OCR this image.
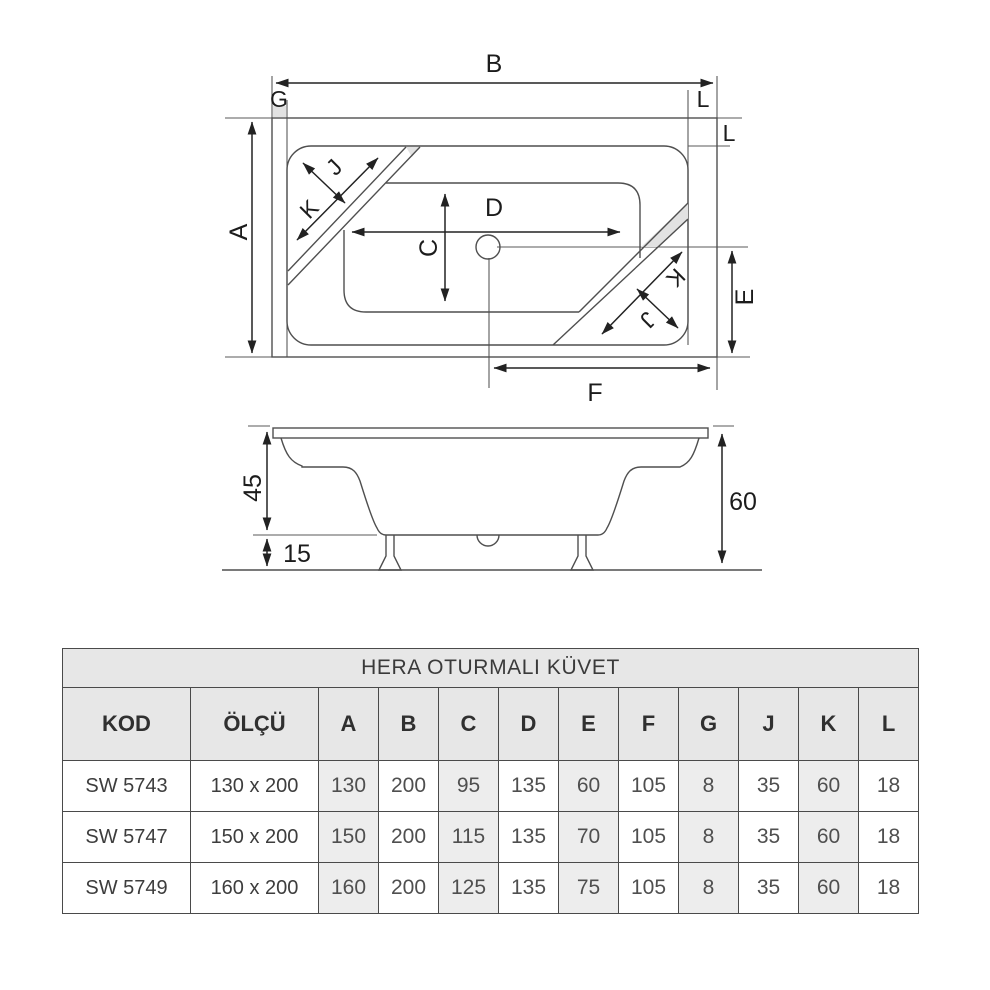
B
G	L
L
A
D
C
E
F
K
J
K
J
45
15
60
HERA OTURMALI KÜVET											
KOD	ÖLÇÜ	A	B	C	D	E	F	G	J	K	L
SW 5743	130 x 200	130	200	95	135	60	105	8	35	60	18
SW 5747	150 x 200	150	200	115	135	70	105	8	35	60	18
SW 5749	160 x 200	160	200	125	135	75	105	8	35	60	18
